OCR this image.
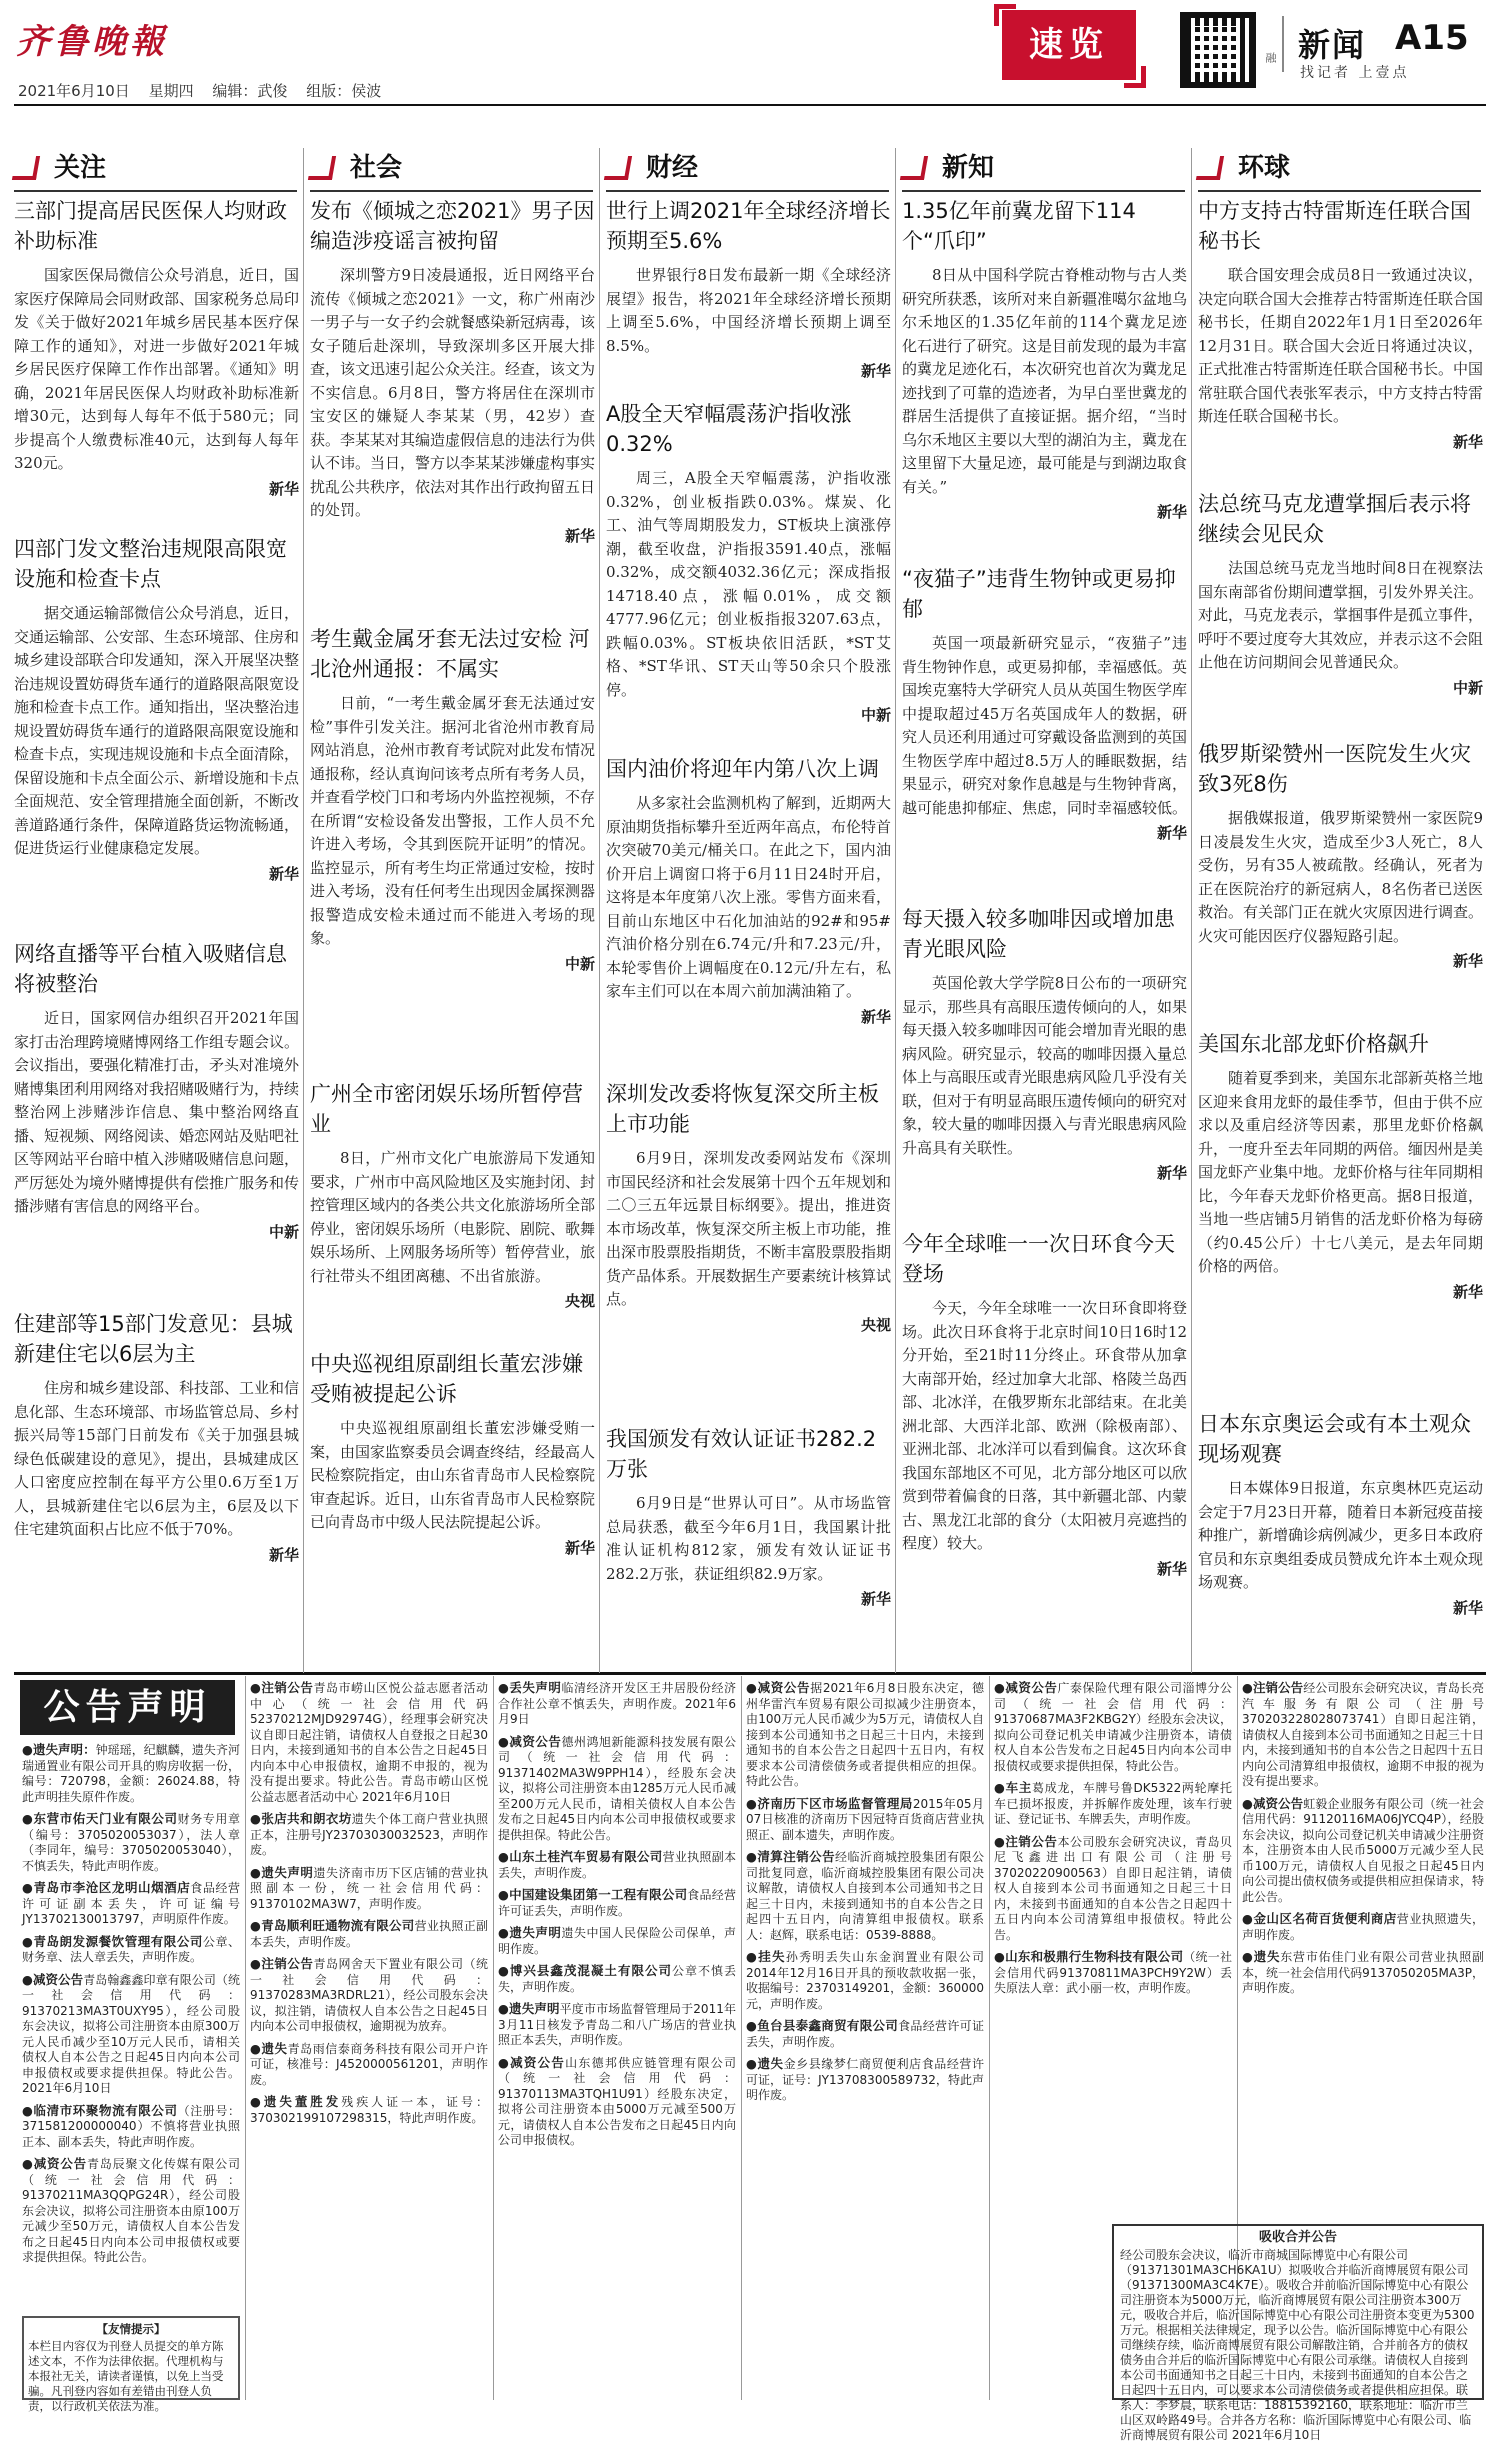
齐鲁晚報
2021年6月10日 星期四 编辑：武俊 组版：侯波
速览	融 新闻 A15
找记者 上壹点
三部门提高居民医保人均财政补助标准

国家医保局微信公众号消息，近日，国家医疗保障局会同财政部、国家税务总局印发《关于做好2021年城乡居民基本医疗保障工作的通知》，对进一步做好2021年城乡居民医疗保障工作作出部署。《通知》明确，2021年居民医保人均财政补助标准新增30元，达到每人每年不低于580元；同步提高个人缴费标准40元，达到每人每年320元。

新华
四部门发文整治违规限高限宽设施和检查卡点

据交通运输部微信公众号消息，近日，交通运输部、公安部、生态环境部、住房和城乡建设部联合印发通知，深入开展坚决整治违规设置妨碍货车通行的道路限高限宽设施和检查卡点工作。通知指出，坚决整治违规设置妨碍货车通行的道路限高限宽设施和检查卡点，实现违规设施和卡点全面清除，保留设施和卡点全面公示、新增设施和卡点全面规范、安全管理措施全面创新，不断改善道路通行条件，保障道路货运物流畅通，促进货运行业健康稳定发展。

新华
网络直播等平台植入吸赌信息将被整治

近日，国家网信办组织召开2021年国家打击治理跨境赌博网络工作组专题会议。会议指出，要强化精准打击，矛头对准境外赌博集团利用网络对我招赌吸赌行为，持续整治网上涉赌涉诈信息、集中整治网络直播、短视频、网络阅读、婚恋网站及贴吧社区等网站平台暗中植入涉赌吸赌信息问题，严厉惩处为境外赌博提供有偿推广服务和传播涉赌有害信息的网络平台。

中新
住建部等15部门发意见：县城新建住宅以6层为主

住房和城乡建设部、科技部、工业和信息化部、生态环境部、市场监管总局、乡村振兴局等15部门日前发布《关于加强县城绿色低碳建设的意见》，提出，县城建成区人口密度应控制在每平方公里0.6万至1万人，县城新建住宅以6层为主，6层及以下住宅建筑面积占比应不低于70%。

新华
发布《倾城之恋2021》男子因编造涉疫谣言被拘留

深圳警方9日凌晨通报，近日网络平台流传《倾城之恋2021》一文，称广州南沙一男子与一女子约会就餐感染新冠病毒，该女子随后赴深圳，导致深圳多区开展大排查，该文迅速引起公众关注。经查，该文为不实信息。6月8日，警方将居住在深圳市宝安区的嫌疑人李某某（男，42岁）查获。李某某对其编造虚假信息的违法行为供认不讳。当日，警方以李某某涉嫌虚构事实扰乱公共秩序，依法对其作出行政拘留五日的处罚。

新华
考生戴金属牙套无法过安检 河北沧州通报：不属实

日前，“一考生戴金属牙套无法通过安检”事件引发关注。据河北省沧州市教育局网站消息，沧州市教育考试院对此发布情况通报称，经认真询问该考点所有考务人员，并查看学校门口和考场内外监控视频，不存在所谓“安检设备发出警报，工作人员不允许进入考场，令其到医院开证明”的情况。监控显示，所有考生均正常通过安检，按时进入考场，没有任何考生出现因金属探测器报警造成安检未通过而不能进入考场的现象。

中新
广州全市密闭娱乐场所暂停营业

8日，广州市文化广电旅游局下发通知要求，广州市中高风险地区及实施封闭、封控管理区域内的各类公共文化旅游场所全部停业，密闭娱乐场所（电影院、剧院、歌舞娱乐场所、上网服务场所等）暂停营业，旅行社带头不组团离穗、不出省旅游。

央视
中央巡视组原副组长董宏涉嫌受贿被提起公诉

中央巡视组原副组长董宏涉嫌受贿一案，由国家监察委员会调查终结，经最高人民检察院指定，由山东省青岛市人民检察院审查起诉。近日，山东省青岛市人民检察院已向青岛市中级人民法院提起公诉。

新华
世行上调2021年全球经济增长预期至5.6%

世界银行8日发布最新一期《全球经济展望》报告，将2021年全球经济增长预期上调至5.6%，中国经济增长预期上调至8.5%。

新华
A股全天窄幅震荡沪指收涨0.32%

周三，A股全天窄幅震荡，沪指收涨0.32%，创业板指跌0.03%。煤炭、化工、油气等周期股发力，ST板块上演涨停潮，截至收盘，沪指报3591.40点，涨幅0.32%，成交额4032.36亿元；深成指报14718.40点，涨幅0.01%，成交额4777.96亿元；创业板指报3207.63点，跌幅0.03%。ST板块依旧活跃，*ST艾格、*ST华讯、ST天山等50余只个股涨停。

中新
国内油价将迎年内第八次上调

从多家社会监测机构了解到，近期两大原油期货指标攀升至近两年高点，布伦特首次突破70美元/桶关口。在此之下，国内油价开启上调窗口将于6月11日24时开启，这将是本年度第八次上涨。零售方面来看，目前山东地区中石化加油站的92#和95#汽油价格分别在6.74元/升和7.23元/升，本轮零售价上调幅度在0.12元/升左右，私家车主们可以在本周六前加满油箱了。

新华
深圳发改委将恢复深交所主板上市功能

6月9日，深圳发改委网站发布《深圳市国民经济和社会发展第十四个五年规划和二〇三五年远景目标纲要》。提出，推进资本市场改革，恢复深交所主板上市功能，推出深市股票股指期货，不断丰富股票股指期货产品体系。开展数据生产要素统计核算试点。

央视
我国颁发有效认证证书282.2万张

6月9日是“世界认可日”。从市场监管总局获悉，截至今年6月1日，我国累计批准认证机构812家，颁发有效认证证书282.2万张，获证组织82.9万家。

新华
1.35亿年前冀龙留下114个“爪印”

8日从中国科学院古脊椎动物与古人类研究所获悉，该所对来自新疆准噶尔盆地乌尔禾地区的1.35亿年前的114个冀龙足迹化石进行了研究。这是目前发现的最为丰富的冀龙足迹化石，本次研究也首次为冀龙足迹找到了可靠的造迹者，为早白垩世冀龙的群居生活提供了直接证据。据介绍，“当时乌尔禾地区主要以大型的湖泊为主，冀龙在这里留下大量足迹，最可能是与到湖边取食有关。”

新华
“夜猫子”违背生物钟或更易抑郁

英国一项最新研究显示，“夜猫子”违背生物钟作息，或更易抑郁，幸福感低。英国埃克塞特大学研究人员从英国生物医学库中提取超过45万名英国成年人的数据，研究人员还利用通过可穿戴设备监测到的英国生物医学库中超过8.5万人的睡眠数据，结果显示，研究对象作息越是与生物钟背离，越可能患抑郁症、焦虑，同时幸福感较低。

新华
每天摄入较多咖啡因或增加患青光眼风险

英国伦敦大学学院8日公布的一项研究显示，那些具有高眼压遗传倾向的人，如果每天摄入较多咖啡因可能会增加青光眼的患病风险。研究显示，较高的咖啡因摄入量总体上与高眼压或青光眼患病风险几乎没有关联，但对于有明显高眼压遗传倾向的研究对象，较大量的咖啡因摄入与青光眼患病风险升高具有关联性。

新华
今年全球唯一一次日环食今天登场

今天，今年全球唯一一次日环食即将登场。此次日环食将于北京时间10日16时12分开始，至21时11分终止。环食带从加拿大南部开始，经过加拿大北部、格陵兰岛西部、北冰洋，在俄罗斯东北部结束。在北美洲北部、大西洋北部、欧洲（除极南部）、亚洲北部、北冰洋可以看到偏食。这次环食我国东部地区不可见，北方部分地区可以欣赏到带着偏食的日落，其中新疆北部、内蒙古、黑龙江北部的食分（太阳被月亮遮挡的程度）较大。

新华
中方支持古特雷斯连任联合国秘书长

联合国安理会成员8日一致通过决议，决定向联合国大会推荐古特雷斯连任联合国秘书长，任期自2022年1月1日至2026年12月31日。联合国大会近日将通过决议，正式批准古特雷斯连任联合国秘书长。中国常驻联合国代表张军表示，中方支持古特雷斯连任联合国秘书长。

新华
法总统马克龙遭掌掴后表示将继续会见民众

法国总统马克龙当地时间8日在视察法国东南部省份期间遭掌掴，引发外界关注。对此，马克龙表示，掌掴事件是孤立事件，呼吁不要过度夸大其效应，并表示这不会阻止他在访问期间会见普通民众。

中新
俄罗斯梁赞州一医院发生火灾致3死8伤

据俄媒报道，俄罗斯梁赞州一家医院9日凌晨发生火灾，造成至少3人死亡，8人受伤，另有35人被疏散。经确认，死者为正在医院治疗的新冠病人，8名伤者已送医救治。有关部门正在就火灾原因进行调查。火灾可能因医疗仪器短路引起。

新华
美国东北部龙虾价格飙升

随着夏季到来，美国东北部新英格兰地区迎来食用龙虾的最佳季节，但由于供不应求以及重启经济等因素，那里龙虾价格飙升，一度升至去年同期的两倍。缅因州是美国龙虾产业集中地。龙虾价格与往年同期相比，今年春天龙虾价格更高。据8日报道，当地一些店铺5月销售的活龙虾价格为每磅（约0.45公斤）十七八美元，是去年同期价格的两倍。

新华
日本东京奥运会或有本土观众现场观赛

日本媒体9日报道，东京奥林匹克运动会定于7月23日开幕，随着日本新冠疫苗接种推广，新增确诊病例减少，更多日本政府官员和东京奥组委成员赞成允许本土观众现场观赛。

新华
公告声明
●遗失声明：钟瑶瑶，纪麒麟，遗失齐河瑞通置业有限公司开具的购房收据一份，编号：720798，金额：26024.88，特此声明挂失原件作废。
●东营市佑天门业有限公司财务专用章（编号：3705020053037），法人章（李同年，编号：3705020053040），不慎丢失，特此声明作废。
●青岛市李沧区龙明山烟酒店食品经营许可证副本丢失，许可证编号JY13702130013797，声明原件作废。
●青岛朗发源餐饮管理有限公司公章、财务章、法人章丢失，声明作废。
●减资公告青岛翰鑫鑫印章有限公司（统一社会信用代码：91370213MA3T0UXY95），经公司股东会决议，拟将公司注册资本由原300万元人民币减少至10万元人民币，请相关债权人自本公告之日起45日内向本公司申报债权或要求提供担保。特此公告。2021年6月10日
●临清市环聚物流有限公司（注册号：371581200000040）不慎将营业执照正本、副本丢失，特此声明作废。
●减资公告青岛辰聚文化传媒有限公司（统一社会信用代码：91370211MA3QQPG24R），经公司股东会决议，拟将公司注册资本由原100万元减少至50万元，请债权人自本公告发布之日起45日内向本公司申报债权或要求提供担保。特此公告。
●注销公告青岛市崂山区悦公益志愿者活动中心（统一社会信用代码52370212MJD92974G），经理事会研究决议自即日起注销，请债权人自登报之日起30日内，未接到通知书的自本公告之日起45日内向本中心申报债权，逾期不申报的，视为没有提出要求。特此公告。青岛市崂山区悦公益志愿者活动中心 2021年6月10日
●张店共和朗衣坊遗失个体工商户营业执照正本，注册号JY23703030032523，声明作废。
●遗失声明遗失济南市历下区店铺的营业执照副本一份，统一社会信用代码：91370102MA3W7，声明作废。
●青岛顺利旺通物流有限公司营业执照正副本丢失，声明作废。
●注销公告青岛网舍天下置业有限公司（统一社会信用代码：91370283MA3RDRL21），经公司股东会决议，拟注销，请债权人自本公告之日起45日内向本公司申报债权，逾期视为放弃。
●遗失青岛雨信泰商务科技有限公司开户许可证，核准号：J4520000561201，声明作废。
●遗失董胜发残疾人证一本，证号：370302199107298315，特此声明作废。
●丢失声明临清经济开发区王井居股份经济合作社公章不慎丢失，声明作废。2021年6月9日
●减资公告德州鸿旭新能源科技发展有限公司（统一社会信用代码：91371402MA3W9PPH14），经股东会决议，拟将公司注册资本由1285万元人民币减至200万元人民币，请相关债权人自本公告发布之日起45日内向本公司申报债权或要求提供担保。特此公告。
●山东土桂汽车贸易有限公司营业执照副本丢失，声明作废。
●中国建设集团第一工程有限公司食品经营许可证丢失，声明作废。
●遗失声明遗失中国人民保险公司保单，声明作废。
●博兴县鑫茂混凝土有限公司公章不慎丢失，声明作废。
●遗失声明平度市市场监督管理局于2011年3月11日核发予青岛二和八广场店的营业执照正本丢失，声明作废。
●减资公告山东德邦供应链管理有限公司（统一社会信用代码：91370113MA3TQH1U91）经股东决定，拟将公司注册资本由5000万元减至500万元，请债权人自本公告发布之日起45日内向公司申报债权。
●减资公告据2021年6月8日股东决定，德州华雷汽车贸易有限公司拟减少注册资本，由100万元人民币减少为5万元，请债权人自接到本公司通知书之日起三十日内，未接到通知书的自本公告之日起四十五日内，有权要求本公司清偿债务或者提供相应的担保。特此公告。
●济南历下区市场监督管理局2015年05月07日核准的济南历下因冠特百货商店营业执照正、副本遗失，声明作废。
●清算注销公告经临沂商城控股集团有限公司批复同意，临沂商城控股集团有限公司决议解散，请债权人自接到本公司通知书之日起三十日内，未接到通知书的自本公告之日起四十五日内，向清算组申报债权。联系人：赵辉，联系电话：0539-8888。
●挂失孙秀明丢失山东金润置业有限公司2014年12月16日开具的预收款收据一张，收据编号：23703149201，金额：360000元，声明作废。
●鱼台县泰鑫商贸有限公司食品经营许可证丢失，声明作废。
●遗失金乡县缘梦仁商贸便利店食品经营许可证，证号：JY13708300589732，特此声明作废。
●减资公告广泰保险代理有限公司淄博分公司（统一社会信用代码：91370687MA3F2KBG2Y）经股东会决议，拟向公司登记机关申请减少注册资本，请债权人自本公告发布之日起45日内向本公司申报债权或要求提供担保，特此公告。
●车主葛成龙，车牌号鲁DK5322两轮摩托车已损坏报废，并拆解作废处理，该车行驶证、登记证书、车牌丢失，声明作废。
●注销公告本公司股东会研究决议，青岛贝尼飞鑫进出口有限公司（注册号37020220900563）自即日起注销，请债权人自接到本公司书面通知之日起三十日内，未接到书面通知的自本公告之日起四十五日内向本公司清算组申报债权。特此公告。
●山东和极鼎行生物科技有限公司（统一社会信用代码91370811MA3PCH9Y2W）丢失原法人章：武小丽一枚，声明作废。
●注销公告经公司股东会研究决议，青岛长亮汽车服务有限公司（注册号370203228028073741）自即日起注销，请债权人自接到本公司书面通知之日起三十日内，未接到通知书的自本公告之日起四十五日内向公司清算组申报债权，逾期不申报的视为没有提出要求。
●减资公告虹毅企业服务有限公司（统一社会信用代码：91120116MA06JYCQ4P），经股东会决议，拟向公司登记机关申请减少注册资本，注册资本由人民币5000万元减少至人民币100万元，请债权人自见报之日起45日内向公司提出债权债务或提供相应担保请求，特此公告。
●金山区名荷百货便利商店营业执照遗失，声明作废。
●遗失东营市佑佳门业有限公司营业执照副本，统一社会信用代码9137050205MA3P，声明作废。
【友情提示】
本栏目内容仅为刊登人员提交的单方陈述文本，不作为法律依据。代理机构与本报社无关，请读者谨慎，以免上当受骗。凡刊登内容如有差错由刊登人负责，以行政机关依法为准。
吸收合并公告
经公司股东会决议，临沂市商城国际博览中心有限公司（91371301MA3CH6KA1U）拟吸收合并临沂商博展贸有限公司（91371300MA3C4K7E）。吸收合并前临沂国际博览中心有限公司注册资本为5000万元，临沂商博展贸有限公司注册资本300万元，吸收合并后，临沂国际博览中心有限公司注册资本变更为5300万元。根据相关法律规定，现予以公告。临沂国际博览中心有限公司继续存续，临沂商博展贸有限公司解散注销，合并前各方的债权债务由合并后的临沂国际博览中心有限公司承继。请债权人自接到本公司书面通知书之日起三十日内，未接到书面通知的自本公告之日起四十五日内，可以要求本公司清偿债务或者提供相应担保。联系人：李梦晨，联系电话：18815392160，联系地址：临沂市兰山区双岭路49号。合并各方名称：临沂国际博览中心有限公司、临沂商博展贸有限公司 2021年6月10日
关注	社会	财经	新知	环球
